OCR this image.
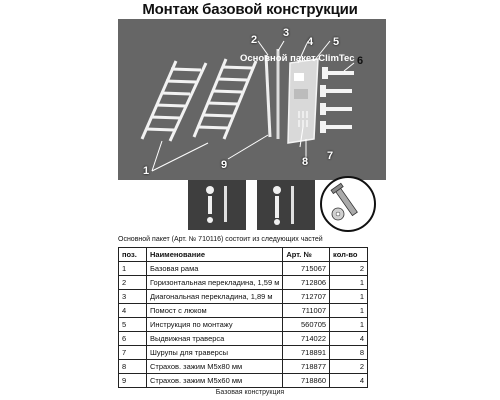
Монтаж базовой конструкции
Основной пакет ClimTec
1
2
3
4 5
6
7
8
9
Основной пакет (Арт. № 710116) состоит из следующих частей
поз.	Наименование	Арт. №	кол-во
1	Базовая рама	715067	2
2	Горизонтальная перекладина, 1,59 м	712806	1
3	Диагональная перекладина, 1,89 м	712707	1
4	Помост с люком	711007	1
5	Инструкция по монтажу	560705	1
6	Выдвижная траверса	714022	4
7	Шурупы для траверсы	718891	8
8	Страхов. зажим М5х80 мм	718877	2
9	Страхов. зажим М5х60 мм	718860	4
Базовая конструкция
